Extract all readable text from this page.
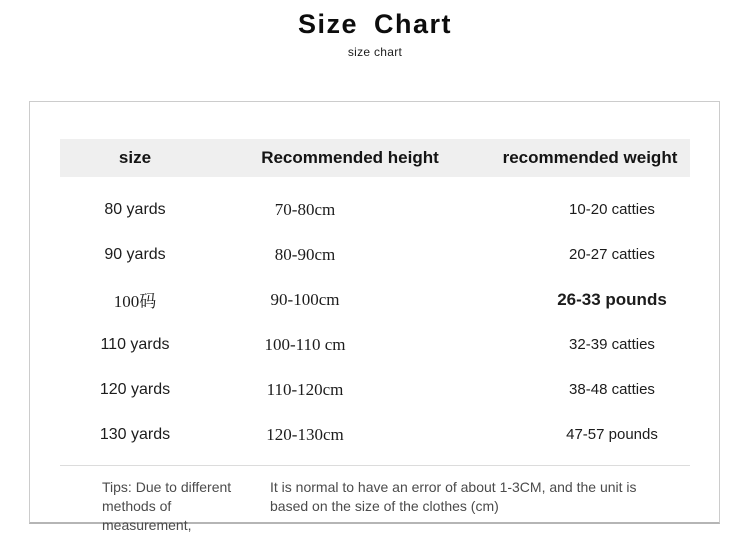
Size Chart
size chart
size	Recommended height	recommended weight
80 yards	70-80cm	10-20 catties
90 yards	80-90cm	20-27 catties
100码	90-100cm	26-33 pounds
110 yards	100-110 cm	32-39 catties
120 yards	110-120cm	38-48 catties
130 yards	120-130cm	47-57 pounds
Tips: Due to different
methods of measurement,
It is normal to have an error of about 1-3CM, and the unit is
based on the size of the clothes (cm)
